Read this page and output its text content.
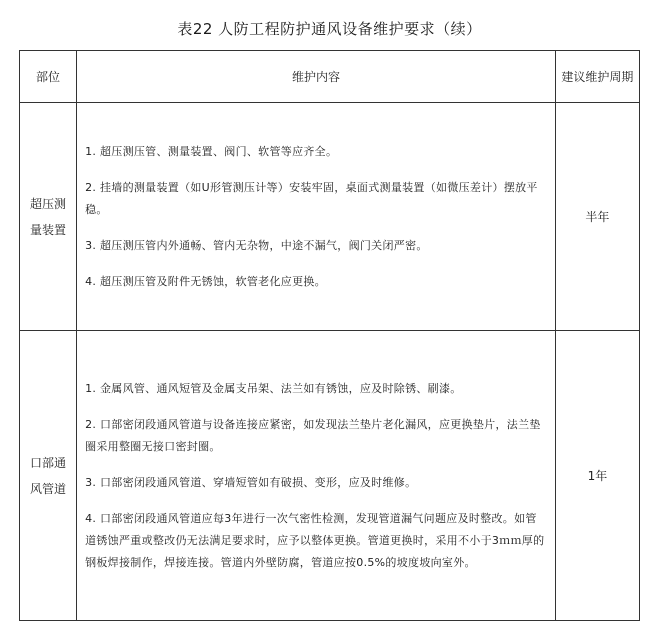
表22 人防工程防护通风设备维护要求（续）
部位	维护内容	建议维护周期
超压测量装置	1. 超压测压管、测量装置、阀门、软管等应齐全。
2. 挂墙的测量装置（如U形管测压计等）安装牢固，桌面式测量装置（如微压差计）摆放平稳。
3. 超压测压管内外通畅、管内无杂物，中途不漏气，阀门关闭严密。
4. 超压测压管及附件无锈蚀，软管老化应更换。	半年
口部通风管道	1. 金属风管、通风短管及金属支吊架、法兰如有锈蚀，应及时除锈、刷漆。
2. 口部密闭段通风管道与设备连接应紧密，如发现法兰垫片老化漏风，应更换垫片，法兰垫圈采用整圈无接口密封圈。
3. 口部密闭段通风管道、穿墙短管如有破损、变形，应及时维修。
4. 口部密闭段通风管道应每3年进行一次气密性检测，发现管道漏气问题应及时整改。如管道锈蚀严重或整改仍无法满足要求时，应予以整体更换。管道更换时，采用不小于3ｍｍ厚的钢板焊接制作，焊接连接。管道内外壁防腐，管道应按0.5%的坡度坡向室外。	1年
